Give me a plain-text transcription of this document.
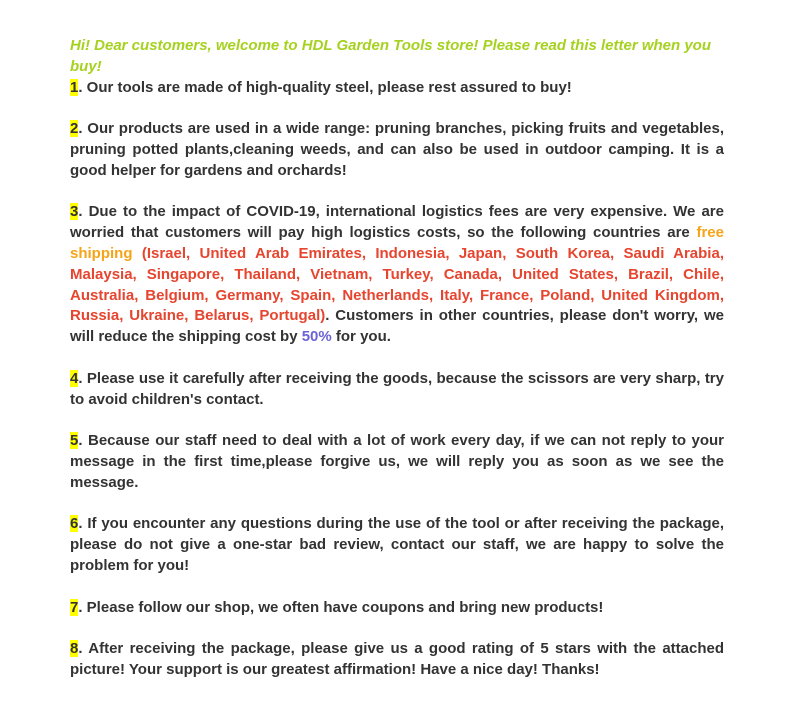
Hi! Dear customers, welcome to HDL Garden Tools store! Please read this letter when you buy!

1. Our tools are made of high-quality steel, please rest assured to buy!

2. Our products are used in a wide range: pruning branches, picking fruits and vegetables, pruning potted plants,cleaning weeds, and can also be used in outdoor camping. It is a good helper for gardens and orchards!

3. Due to the impact of COVID-19, international logistics fees are very expensive. We are worried that customers will pay high logistics costs, so the following countries are free shipping (Israel, United Arab Emirates, Indonesia, Japan, South Korea, Saudi Arabia, Malaysia, Singapore, Thailand, Vietnam, Turkey, Canada, United States, Brazil, Chile, Australia, Belgium, Germany, Spain, Netherlands, Italy, France, Poland, United Kingdom, Russia, Ukraine, Belarus, Portugal). Customers in other countries, please don't worry, we will reduce the shipping cost by 50% for you.

4. Please use it carefully after receiving the goods, because the scissors are very sharp, try to avoid children's contact.

5. Because our staff need to deal with a lot of work every day, if we can not reply to your message in the first time,please forgive us, we will reply you as soon as we see the message.

6. If you encounter any questions during the use of the tool or after receiving the package, please do not give a one-star bad review, contact our staff, we are happy to solve the problem for you!

7. Please follow our shop, we often have coupons and bring new products!

8. After receiving the package, please give us a good rating of 5 stars with the attached picture! Your support is our greatest affirmation! Have a nice day! Thanks!
